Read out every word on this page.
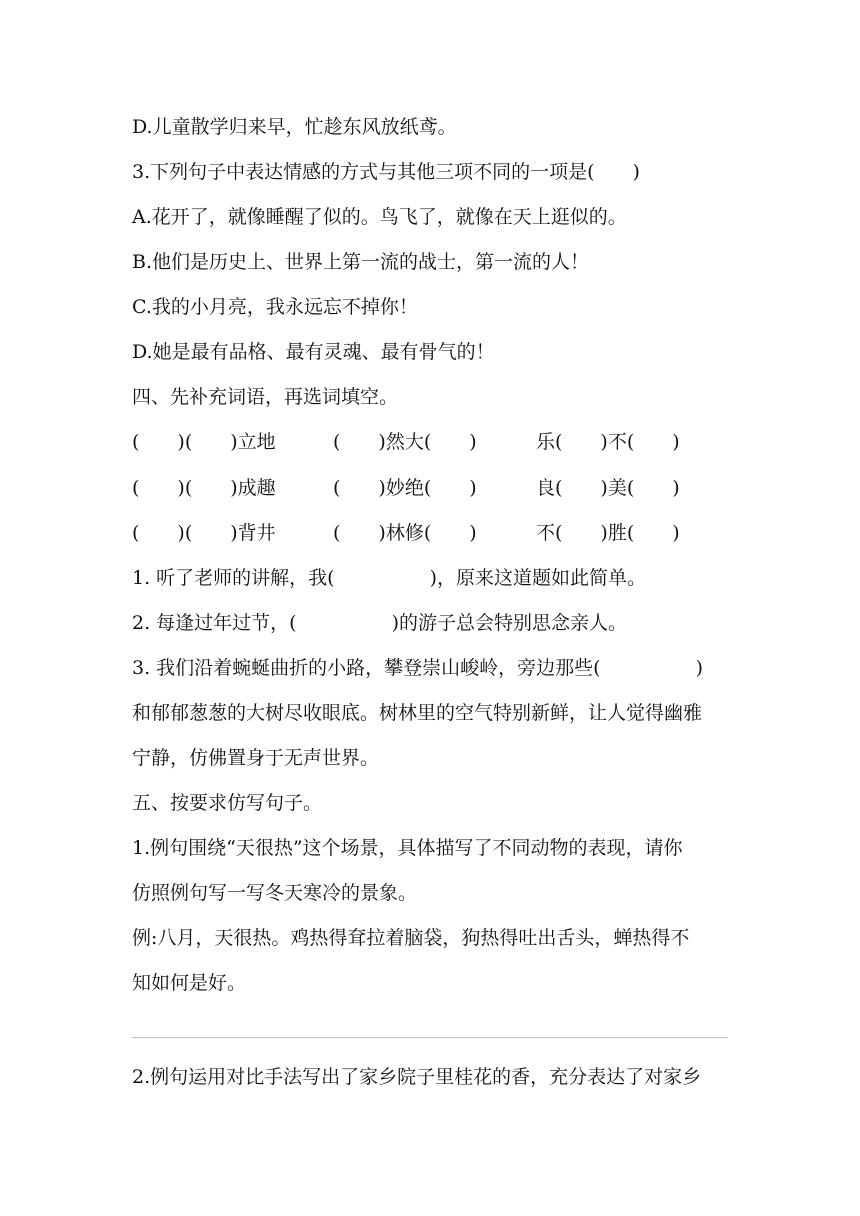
D.儿童散学归来早，忙趁东风放纸鸢。
3.下列句子中表达情感的方式与其他三项不同的一项是(　　)
A.花开了，就像睡醒了似的。鸟飞了，就像在天上逛似的。
B.他们是历史上、世界上第一流的战士，第一流的人！
C.我的小月亮，我永远忘不掉你！
D.她是最有品格、最有灵魂、最有骨气的！
四、先补充词语，再选词填空。
(　　)(　　)立地	(　　)然大(　　)	乐(　　)不(　　)
(　　)(　　)成趣	(　　)妙绝(　　)	良(　　)美(　　)
(　　)(　　)背井	(　　)林修(　　)	不(　　)胜(　　)
1. 听了老师的讲解，我(　　　　　)，原来这道题如此简单。
2. 每逢过年过节，(　　　　　)的游子总会特别思念亲人。
3. 我们沿着蜿蜒曲折的小路，攀登崇山峻岭，旁边那些(　　　　　)
和郁郁葱葱的大树尽收眼底。树林里的空气特别新鲜，让人觉得幽雅
宁静，仿佛置身于无声世界。
五、按要求仿写句子。
1.例句围绕“天很热”这个场景，具体描写了不同动物的表现，请你
仿照例句写一写冬天寒冷的景象。
例:八月，天很热。鸡热得耷拉着脑袋，狗热得吐出舌头，蝉热得不
知如何是好。
2.例句运用对比手法写出了家乡院子里桂花的香，充分表达了对家乡
